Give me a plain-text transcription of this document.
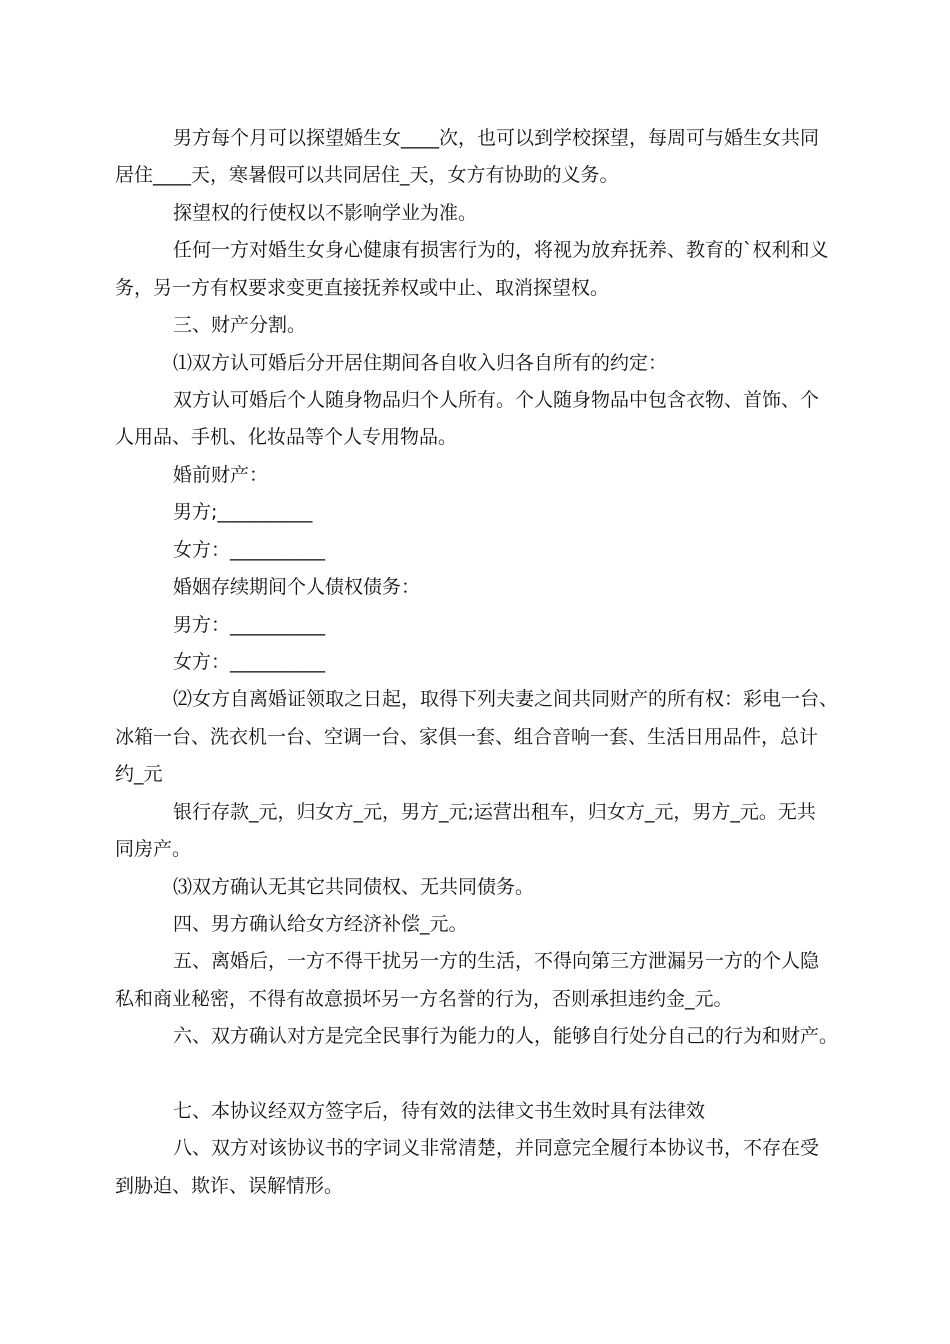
男方每个月可以探望婚生女____次，也可以到学校探望，每周可与婚生女共同
居住____天，寒暑假可以共同居住_天，女方有协助的义务。
探望权的行使权以不影响学业为准。
任何一方对婚生女身心健康有损害行为的，将视为放弃抚养、教育的`权利和义
务，另一方有权要求变更直接抚养权或中止、取消探望权。
三、财产分割。
⑴双方认可婚后分开居住期间各自收入归各自所有的约定：
双方认可婚后个人随身物品归个人所有。个人随身物品中包含衣物、首饰、个
人用品、手机、化妆品等个人专用物品。
婚前财产：
男方;__________
女方：__________
婚姻存续期间个人债权债务：
男方：__________
女方：__________
⑵女方自离婚证领取之日起，取得下列夫妻之间共同财产的所有权：彩电一台、
冰箱一台、洗衣机一台、空调一台、家俱一套、组合音响一套、生活日用品件，总计
约_元
银行存款_元，归女方_元，男方_元;运营出租车，归女方_元，男方_元。无共
同房产。
⑶双方确认无其它共同债权、无共同债务。
四、男方确认给女方经济补偿_元。
五、离婚后，一方不得干扰另一方的生活，不得向第三方泄漏另一方的个人隐
私和商业秘密，不得有故意损坏另一方名誉的行为，否则承担违约金_元。
六、双方确认对方是完全民事行为能力的人，能够自行处分自己的行为和财产。
七、本协议经双方签字后，待有效的法律文书生效时具有法律效
八、双方对该协议书的字词义非常清楚，并同意完全履行本协议书，不存在受
到胁迫、欺诈、误解情形。
